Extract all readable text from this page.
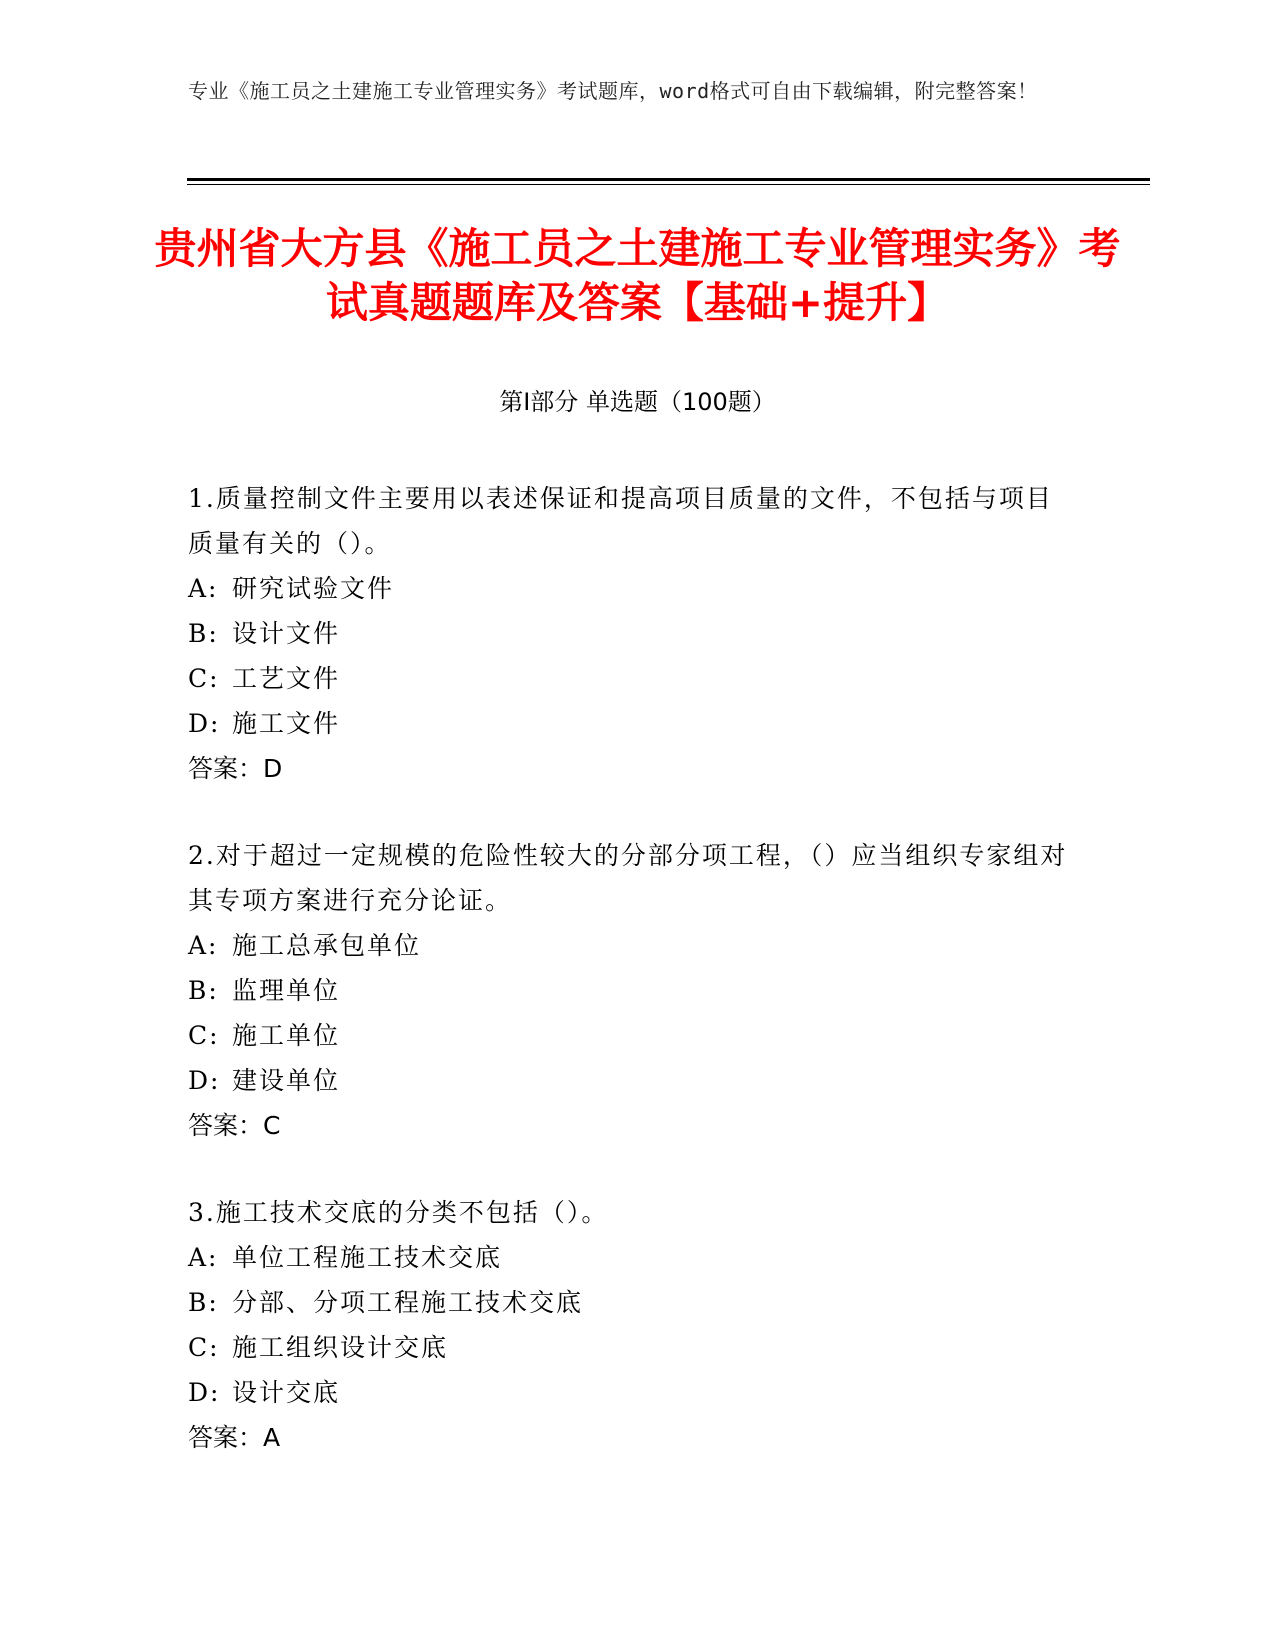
专业《施工员之土建施工专业管理实务》考试题库，word格式可自由下载编辑，附完整答案！
贵州省大方县《施工员之土建施工专业管理实务》考试真题题库及答案【基础+提升】
第Ⅰ部分 单选题（100题）

1.质量控制文件主要用以表述保证和提高项目质量的文件，不包括与项目质量有关的（）。

A: 研究试验文件

B: 设计文件

C: 工艺文件

D: 施工文件

答案：D

2.对于超过一定规模的危险性较大的分部分项工程，（）应当组织专家组对其专项方案进行充分论证。

A: 施工总承包单位

B: 监理单位

C: 施工单位

D: 建设单位

答案：C

3.施工技术交底的分类不包括（）。

A: 单位工程施工技术交底

B: 分部、分项工程施工技术交底

C: 施工组织设计交底

D: 设计交底

答案：A
